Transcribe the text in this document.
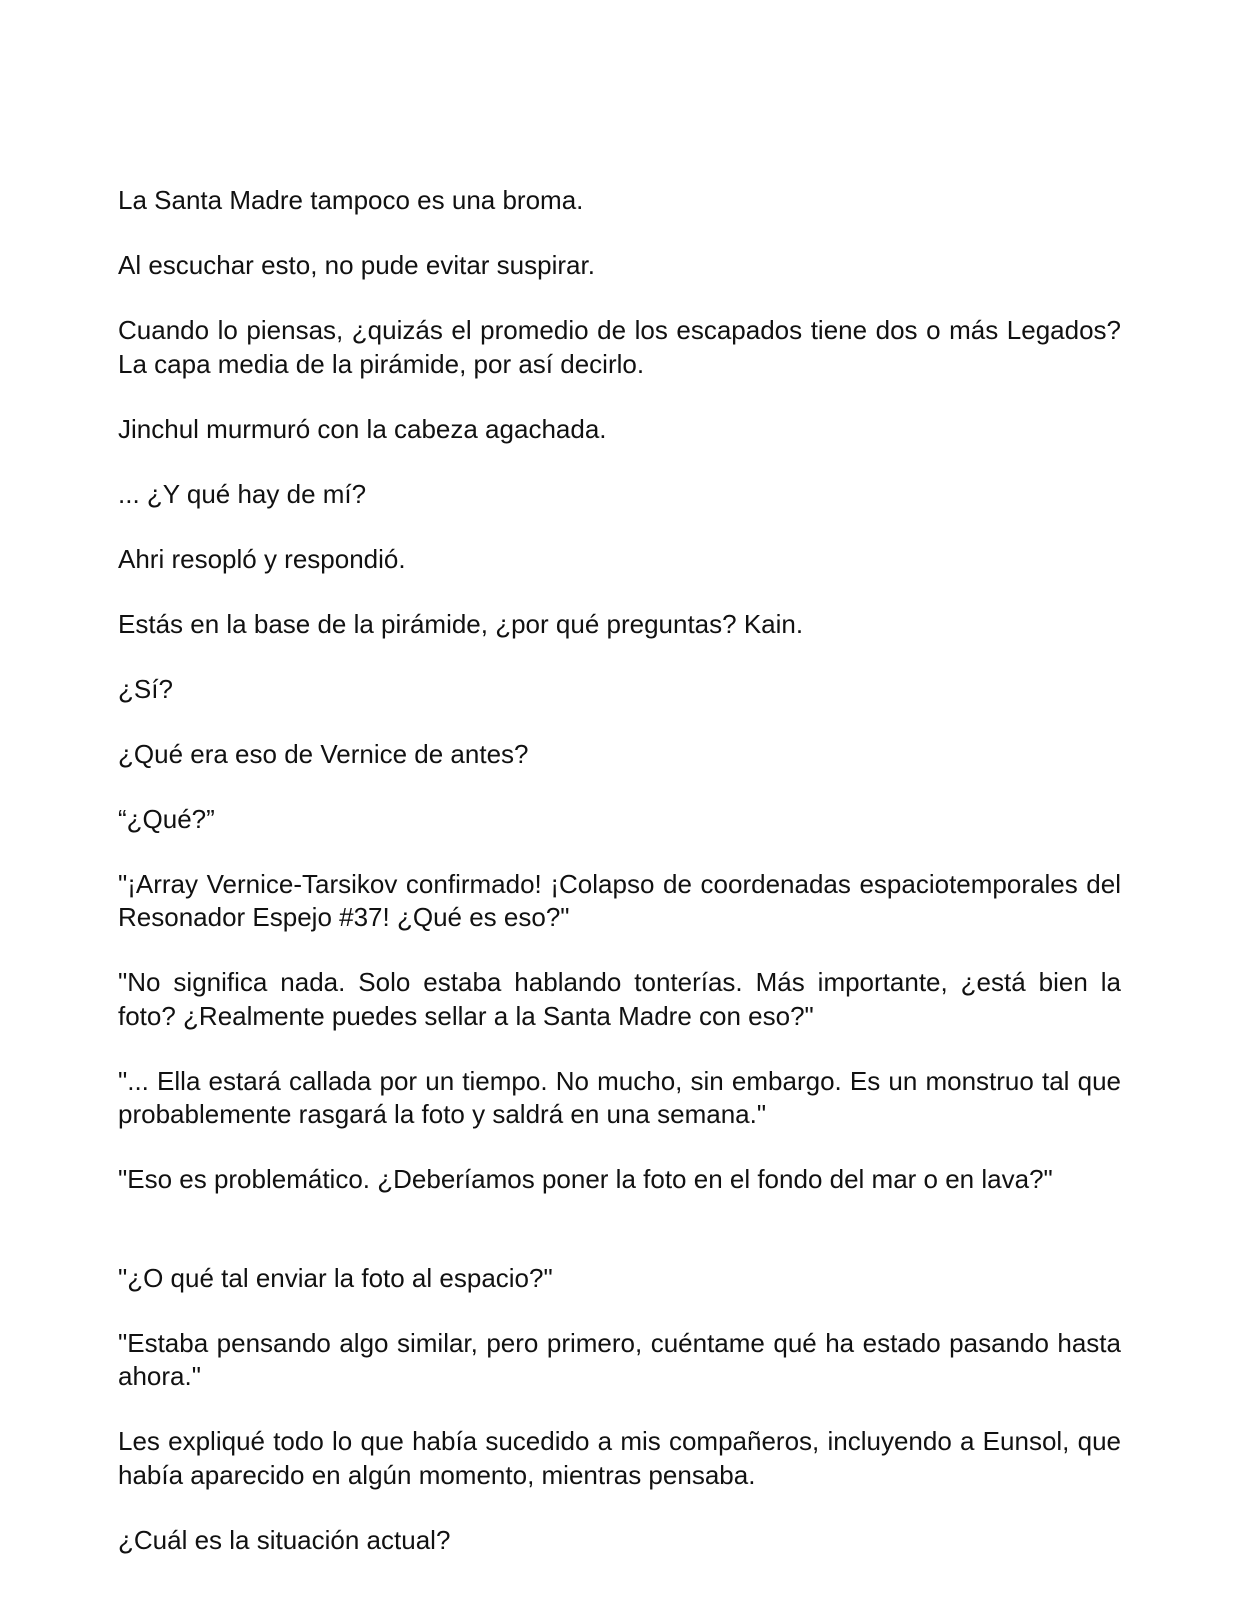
La Santa Madre tampoco es una broma.

Al escuchar esto, no pude evitar suspirar.

Cuando lo piensas, ¿quizás el promedio de los escapados tiene dos o más Legados? La capa media de la pirámide, por así decirlo.

Jinchul murmuró con la cabeza agachada.

... ¿Y qué hay de mí?

Ahri resopló y respondió.

Estás en la base de la pirámide, ¿por qué preguntas? Kain.

¿Sí?

¿Qué era eso de Vernice de antes?

“¿Qué?”

"¡Array Vernice-Tarsikov confirmado! ¡Colapso de coordenadas espaciotemporales del Resonador Espejo #37! ¿Qué es eso?"

"No significa nada. Solo estaba hablando tonterías. Más importante, ¿está bien la foto? ¿Realmente puedes sellar a la Santa Madre con eso?"

"... Ella estará callada por un tiempo. No mucho, sin embargo. Es un monstruo tal que probablemente rasgará la foto y saldrá en una semana."

"Eso es problemático. ¿Deberíamos poner la foto en el fondo del mar o en lava?"

"¿O qué tal enviar la foto al espacio?"

"Estaba pensando algo similar, pero primero, cuéntame qué ha estado pasando hasta ahora."

Les expliqué todo lo que había sucedido a mis compañeros, incluyendo a Eunsol, que había aparecido en algún momento, mientras pensaba.

¿Cuál es la situación actual?
